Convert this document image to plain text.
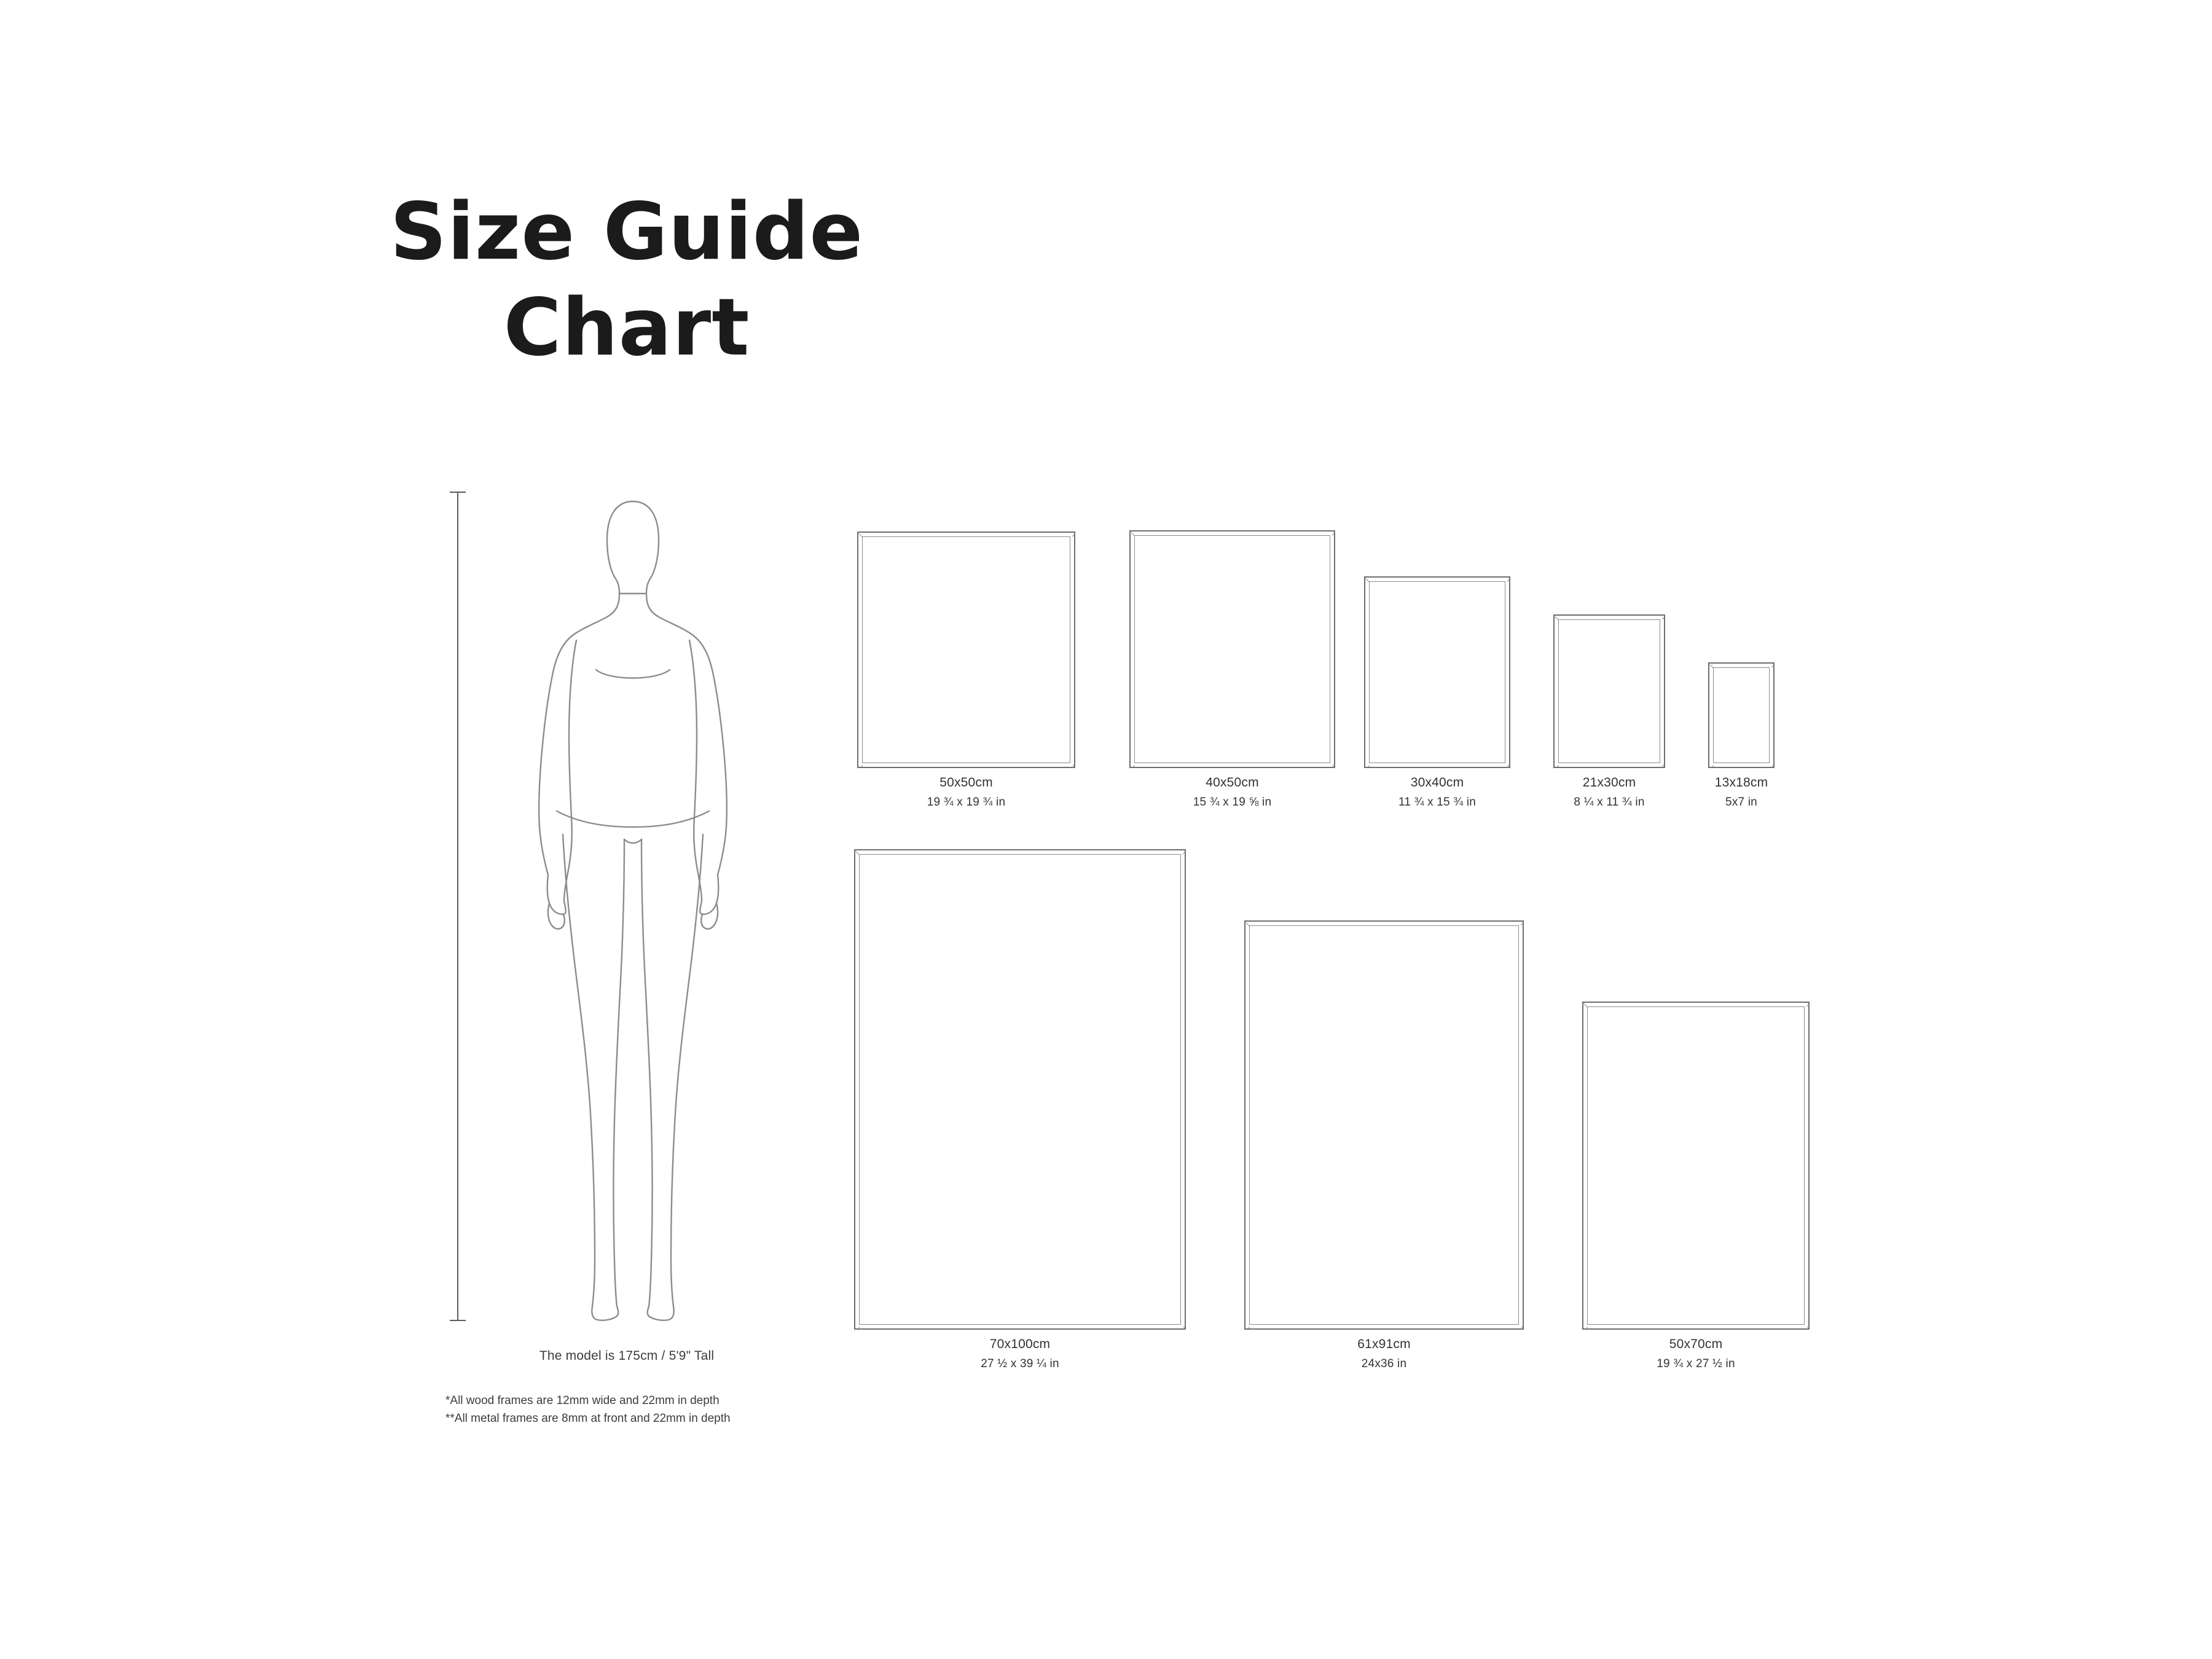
Size Guide
Chart
The model is 175cm / 5'9" Tall
*All wood frames are 12mm wide and 22mm in depth
**All metal frames are 8mm at front and 22mm in depth
50x50cm
19 ¾ x 19 ¾ in
40x50cm
15 ¾ x 19 ⅝ in
30x40cm
11 ¾ x 15 ¾ in
21x30cm
8 ¼ x 11 ¾ in
13x18cm
5x7 in
70x100cm
27 ½ x 39 ¼ in
61x91cm
24x36 in
50x70cm
19 ¾ x 27 ½ in
